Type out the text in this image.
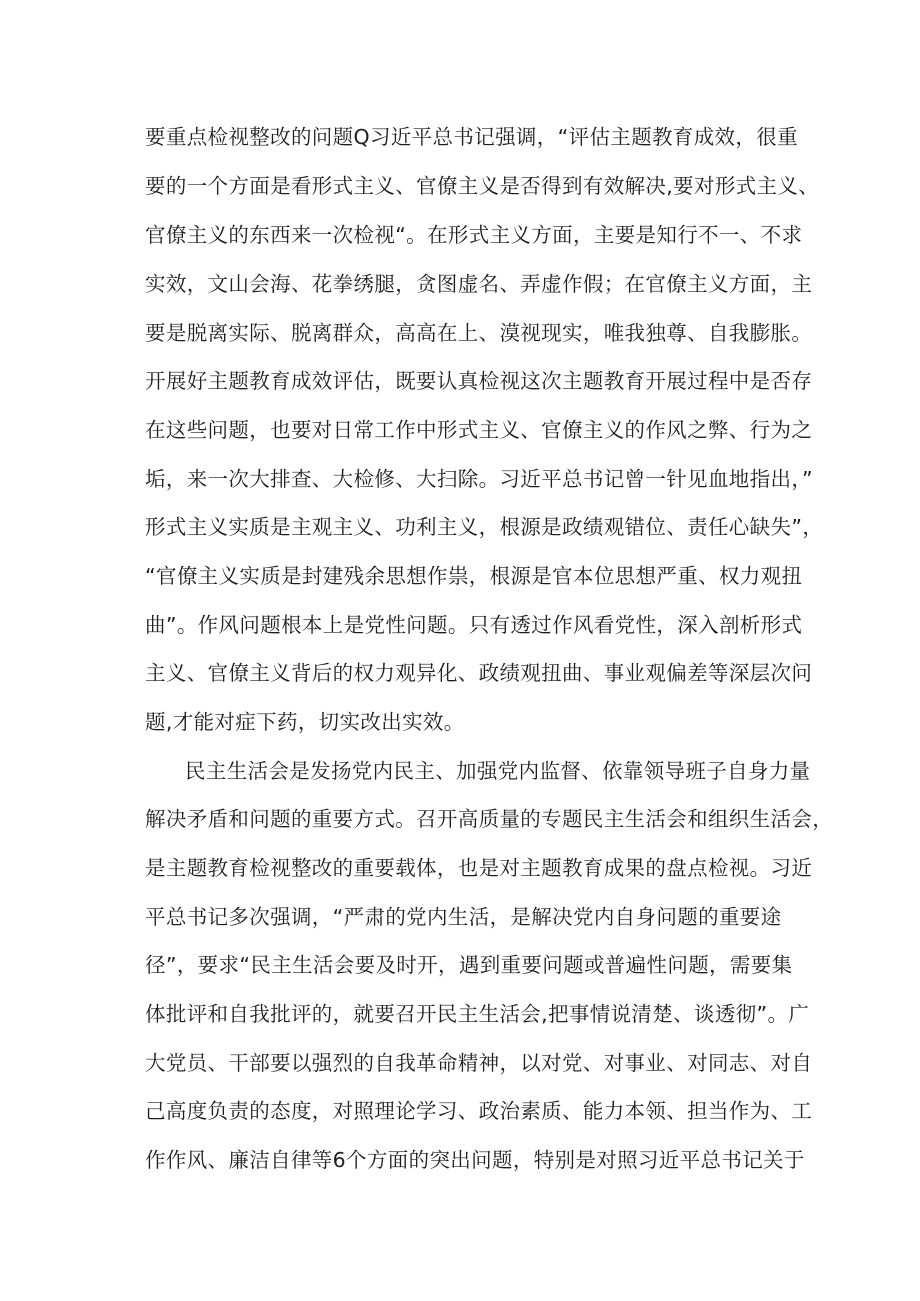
要重点检视整改的问题Q习近平总书记强调，“评估主题教育成效，很重
要的一个方面是看形式主义、官僚主义是否得到有效解决,要对形式主义、
官僚主义的东西来一次检视“。在形式主义方面，主要是知行不一、不求
实效，文山会海、花拳绣腿，贪图虚名、弄虚作假；在官僚主义方面，主
要是脱离实际、脱离群众，高高在上、漠视现实，唯我独尊、自我膨胀。
开展好主题教育成效评估，既要认真检视这次主题教育开展过程中是否存
在这些问题，也要对日常工作中形式主义、官僚主义的作风之弊、行为之
垢，来一次大排查、大检修、大扫除。习近平总书记曾一针见血地指出，”
形式主义实质是主观主义、功利主义，根源是政绩观错位、责任心缺失”，
“官僚主义实质是封建残余思想作祟，根源是官本位思想严重、权力观扭
曲”。作风问题根本上是党性问题。只有透过作风看党性，深入剖析形式
主义、官僚主义背后的权力观异化、政绩观扭曲、事业观偏差等深层次问
题,才能对症下药，切实改出实效。
民主生活会是发扬党内民主、加强党内监督、依靠领导班子自身力量
解决矛盾和问题的重要方式。召开高质量的专题民主生活会和组织生活会，
是主题教育检视整改的重要载体，也是对主题教育成果的盘点检视。习近
平总书记多次强调，“严肃的党内生活，是解决党内自身问题的重要途
径”，要求“民主生活会要及时开，遇到重要问题或普遍性问题，需要集
体批评和自我批评的，就要召开民主生活会,把事情说清楚、谈透彻”。广
大党员、干部要以强烈的自我革命精神，以对党、对事业、对同志、对自
己高度负责的态度，对照理论学习、政治素质、能力本领、担当作为、工
作作风、廉洁自律等6个方面的突出问题，特别是对照习近平总书记关于
